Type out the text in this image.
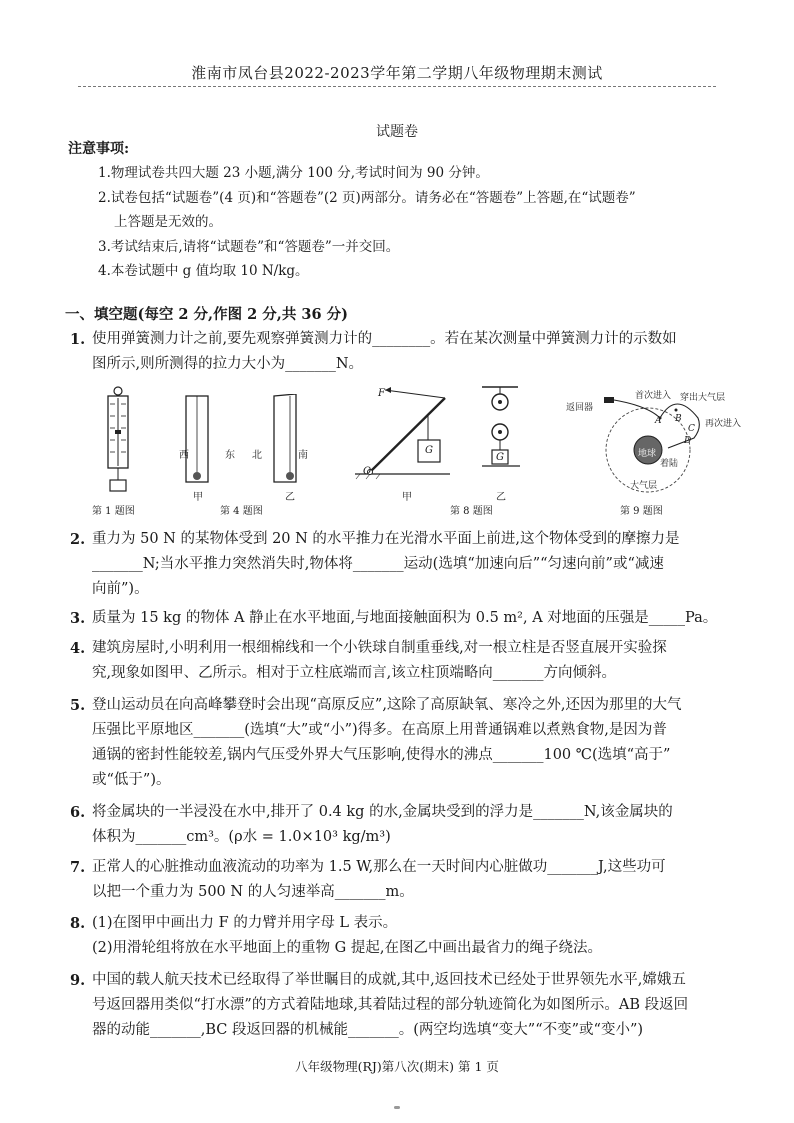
淮南市凤台县2022-2023学年第二学期八年级物理期末测试
试题卷
注意事项:
1.物理试卷共四大题 23 小题,满分 100 分,考试时间为 90 分钟。
2.试卷包括“试题卷”(4 页)和“答题卷”(2 页)两部分。请务必在“答题卷”上答题,在“试题卷”
上答题是无效的。
3.考试结束后,请将“试题卷”和“答题卷”一并交回。
4.本卷试题中 g 值均取 10 N/kg。
一、填空题(每空 2 分,作图 2 分,共 36 分)
1. 使用弹簧测力计之前,要先观察弹簧测力计的________。若在某次测量中弹簧测力计的示数如
图所示,则所测得的拉力大小为_______N。
第 1 题图
西	东 北	南
甲	乙
第 4 题图
F
O
G
甲
G
乙
第 8 题图
首次进入 穿出大气层
返回器
A B
C
D
再次进入
地球
着陆
大气层
第 9 题图
2. 重力为 50 N 的某物体受到 20 N 的水平推力在光滑水平面上前进,这个物体受到的摩擦力是
_______N;当水平推力突然消失时,物体将_______运动(选填“加速向后”“匀速向前”或“减速
向前”)。
3. 质量为 15 kg 的物体 A 静止在水平地面,与地面接触面积为 0.5 m², A 对地面的压强是_____Pa。
4. 建筑房屋时,小明利用一根细棉线和一个小铁球自制重垂线,对一根立柱是否竖直展开实验探
究,现象如图甲、乙所示。相对于立柱底端而言,该立柱顶端略向_______方向倾斜。
5. 登山运动员在向高峰攀登时会出现“高原反应”,这除了高原缺氧、寒冷之外,还因为那里的大气
压强比平原地区_______(选填“大”或“小”)得多。在高原上用普通锅难以煮熟食物,是因为普
通锅的密封性能较差,锅内气压受外界大气压影响,使得水的沸点_______100 ℃(选填“高于”
或“低于”)。
6. 将金属块的一半浸没在水中,排开了 0.4 kg 的水,金属块受到的浮力是_______N,该金属块的
体积为_______cm³。(ρ水 = 1.0×10³ kg/m³)
7. 正常人的心脏推动血液流动的功率为 1.5 W,那么在一天时间内心脏做功_______J,这些功可
以把一个重力为 500 N 的人匀速举高_______m。
8. (1)在图甲中画出力 F 的力臂并用字母 L 表示。
(2)用滑轮组将放在水平地面上的重物 G 提起,在图乙中画出最省力的绳子绕法。
9. 中国的载人航天技术已经取得了举世瞩目的成就,其中,返回技术已经处于世界领先水平,嫦娥五
号返回器用类似“打水漂”的方式着陆地球,其着陆过程的部分轨迹简化为如图所示。AB 段返回
器的动能_______,BC 段返回器的机械能_______。(两空均选填“变大”“不变”或“变小”)
八年级物理(RJ)第八次(期末) 第 1 页
